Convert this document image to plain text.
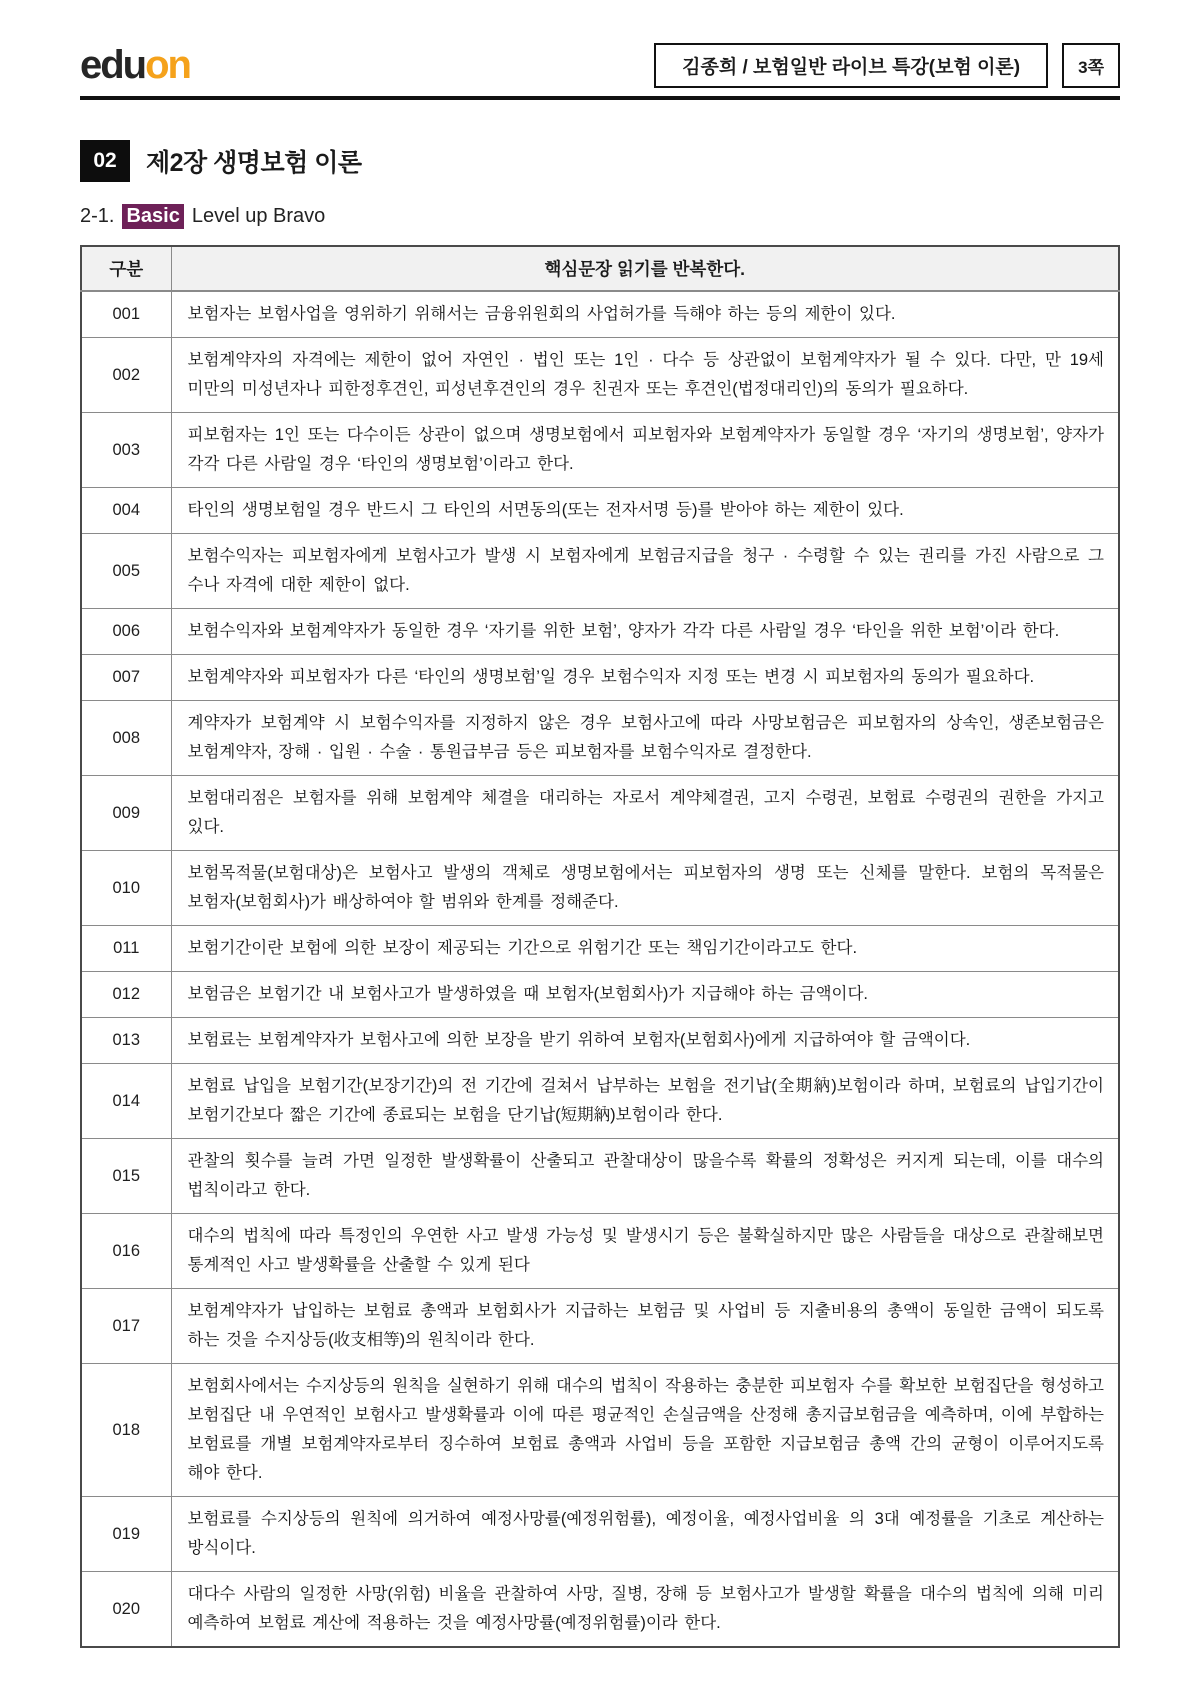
eduon	김종희 / 보험일반 라이브 특강(보험 이론)	3쪽
02	제2장 생명보험 이론
2-1. Basic Level up Bravo
구분	핵심문장 읽기를 반복한다.
001	보험자는 보험사업을 영위하기 위해서는 금융위원회의 사업허가를 득해야 하는 등의 제한이 있다.
002	보험계약자의 자격에는 제한이 없어 자연인 · 법인 또는 1인 · 다수 등 상관없이 보험계약자가 될 수 있다. 다만, 만 19세 미만의 미성년자나 피한정후견인, 피성년후견인의 경우 친권자 또는 후견인(법정대리인)의 동의가 필요하다.
003	피보험자는 1인 또는 다수이든 상관이 없으며 생명보험에서 피보험자와 보험계약자가 동일할 경우 ‘자기의 생명보험’, 양자가 각각 다른 사람일 경우 ‘타인의 생명보험’이라고 한다.
004	타인의 생명보험일 경우 반드시 그 타인의 서면동의(또는 전자서명 등)를 받아야 하는 제한이 있다.
005	보험수익자는 피보험자에게 보험사고가 발생 시 보험자에게 보험금지급을 청구 · 수령할 수 있는 권리를 가진 사람으로 그 수나 자격에 대한 제한이 없다.
006	보험수익자와 보험계약자가 동일한 경우 ‘자기를 위한 보험’, 양자가 각각 다른 사람일 경우 ‘타인을 위한 보험’이라 한다.
007	보험계약자와 피보험자가 다른 ‘타인의 생명보험’일 경우 보험수익자 지정 또는 변경 시 피보험자의 동의가 필요하다.
008	계약자가 보험계약 시 보험수익자를 지정하지 않은 경우 보험사고에 따라 사망보험금은 피보험자의 상속인, 생존보험금은 보험계약자, 장해 · 입원 · 수술 · 통원급부금 등은 피보험자를 보험수익자로 결정한다.
009	보험대리점은 보험자를 위해 보험계약 체결을 대리하는 자로서 계약체결권, 고지 수령권, 보험료 수령권의 권한을 가지고 있다.
010	보험목적물(보험대상)은 보험사고 발생의 객체로 생명보험에서는 피보험자의 생명 또는 신체를 말한다. 보험의 목적물은 보험자(보험회사)가 배상하여야 할 범위와 한계를 정해준다.
011	보험기간이란 보험에 의한 보장이 제공되는 기간으로 위험기간 또는 책임기간이라고도 한다.
012	보험금은 보험기간 내 보험사고가 발생하였을 때 보험자(보험회사)가 지급해야 하는 금액이다.
013	보험료는 보험계약자가 보험사고에 의한 보장을 받기 위하여 보험자(보험회사)에게 지급하여야 할 금액이다.
014	보험료 납입을 보험기간(보장기간)의 전 기간에 걸쳐서 납부하는 보험을 전기납(全期納)보험이라 하며, 보험료의 납입기간이 보험기간보다 짧은 기간에 종료되는 보험을 단기납(短期納)보험이라 한다.
015	관찰의 횟수를 늘려 가면 일정한 발생확률이 산출되고 관찰대상이 많을수록 확률의 정확성은 커지게 되는데, 이를 대수의 법칙이라고 한다.
016	대수의 법칙에 따라 특정인의 우연한 사고 발생 가능성 및 발생시기 등은 불확실하지만 많은 사람들을 대상으로 관찰해보면 통계적인 사고 발생확률을 산출할 수 있게 된다
017	보험계약자가 납입하는 보험료 총액과 보험회사가 지급하는 보험금 및 사업비 등 지출비용의 총액이 동일한 금액이 되도록 하는 것을 수지상등(收支相等)의 원칙이라 한다.
018	보험회사에서는 수지상등의 원칙을 실현하기 위해 대수의 법칙이 작용하는 충분한 피보험자 수를 확보한 보험집단을 형성하고 보험집단 내 우연적인 보험사고 발생확률과 이에 따른 평균적인 손실금액을 산정해 총지급보험금을 예측하며, 이에 부합하는 보험료를 개별 보험계약자로부터 징수하여 보험료 총액과 사업비 등을 포함한 지급보험금 총액 간의 균형이 이루어지도록 해야 한다.
019	보험료를 수지상등의 원칙에 의거하여 예정사망률(예정위험률), 예정이율, 예정사업비율 의 3대 예정률을 기초로 계산하는 방식이다.
020	대다수 사람의 일정한 사망(위험) 비율을 관찰하여 사망, 질병, 장해 등 보험사고가 발생할 확률을 대수의 법칙에 의해 미리 예측하여 보험료 계산에 적용하는 것을 예정사망률(예정위험률)이라 한다.
